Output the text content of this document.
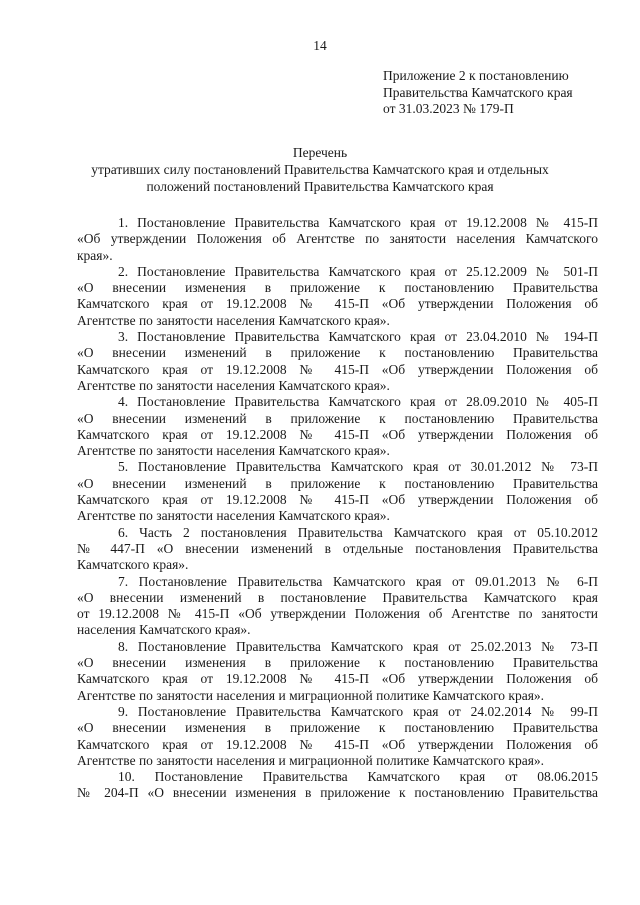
14
Приложение 2 к постановлению
Правительства Камчатского края
от 31.03.2023 № 179-П
Перечень
утративших силу постановлений Правительства Камчатского края и отдельных
положений постановлений Правительства Камчатского края
1. Постановление Правительства Камчатского края от 19.12.2008 № 415-П
«Об утверждении Положения об Агентстве по занятости населения Камчатского
края».
2. Постановление Правительства Камчатского края от 25.12.2009 № 501-П
«О внесении изменения в приложение к постановлению Правительства
Камчатского края от 19.12.2008 № 415-П «Об утверждении Положения об
Агентстве по занятости населения Камчатского края».
3. Постановление Правительства Камчатского края от 23.04.2010 № 194-П
«О внесении изменений в приложение к постановлению Правительства
Камчатского края от 19.12.2008 № 415-П «Об утверждении Положения об
Агентстве по занятости населения Камчатского края».
4. Постановление Правительства Камчатского края от 28.09.2010 № 405-П
«О внесении изменений в приложение к постановлению Правительства
Камчатского края от 19.12.2008 № 415-П «Об утверждении Положения об
Агентстве по занятости населения Камчатского края».
5. Постановление Правительства Камчатского края от 30.01.2012 № 73-П
«О внесении изменений в приложение к постановлению Правительства
Камчатского края от 19.12.2008 № 415-П «Об утверждении Положения об
Агентстве по занятости населения Камчатского края».
6. Часть 2 постановления Правительства Камчатского края от 05.10.2012
№ 447-П «О внесении изменений в отдельные постановления Правительства
Камчатского края».
7. Постановление Правительства Камчатского края от 09.01.2013 № 6-П
«О внесении изменений в постановление Правительства Камчатского края
от 19.12.2008 № 415-П «Об утверждении Положения об Агентстве по занятости
населения Камчатского края».
8. Постановление Правительства Камчатского края от 25.02.2013 № 73-П
«О внесении изменения в приложение к постановлению Правительства
Камчатского края от 19.12.2008 № 415-П «Об утверждении Положения об
Агентстве по занятости населения и миграционной политике Камчатского края».
9. Постановление Правительства Камчатского края от 24.02.2014 № 99-П
«О внесении изменения в приложение к постановлению Правительства
Камчатского края от 19.12.2008 № 415-П «Об утверждении Положения об
Агентстве по занятости населения и миграционной политике Камчатского края».
10. Постановление Правительства Камчатского края от 08.06.2015
№ 204-П «О внесении изменения в приложение к постановлению Правительства
